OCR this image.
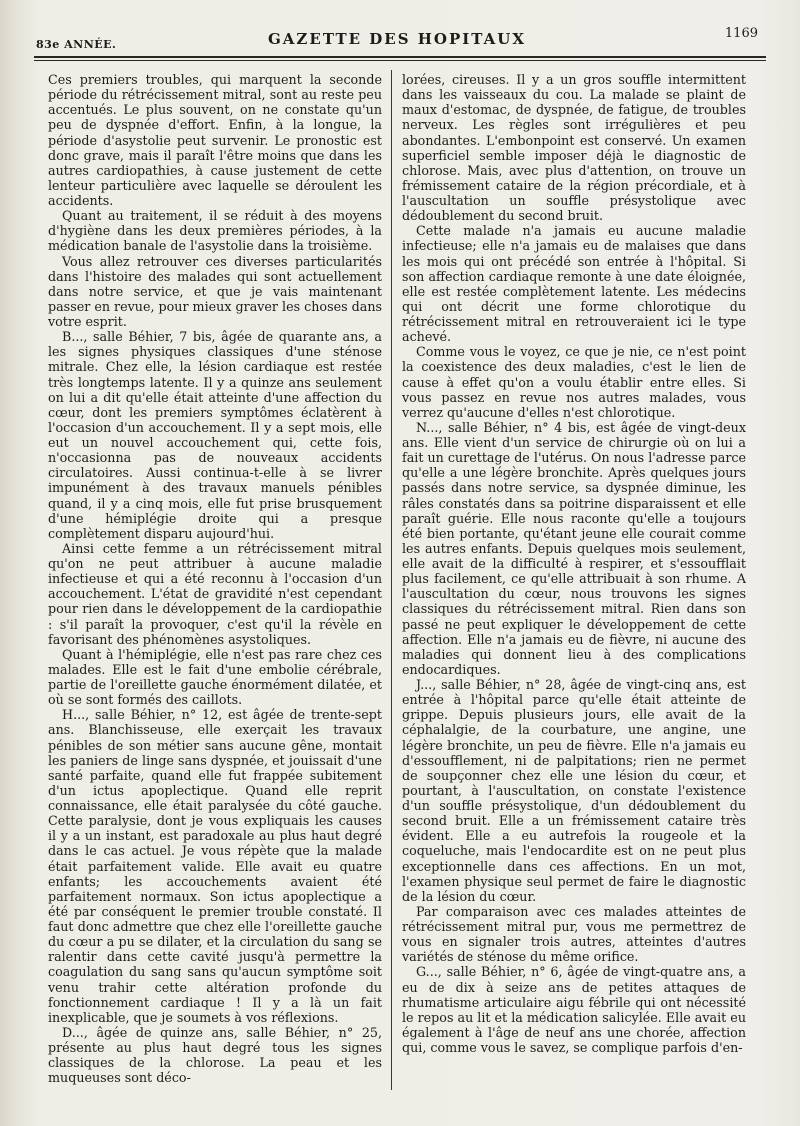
83e ANNÉE.	GAZETTE DES HOPITAUX	1169

Ces premiers troubles, qui marquent la seconde période du rétrécissement mitral, sont au reste peu accentués. Le plus souvent, on ne constate qu'un peu de dyspnée d'effort. Enfin, à la longue, la période d'asystolie peut survenir. Le pronostic est donc grave, mais il paraît l'être moins que dans les autres cardiopathies, à cause justement de cette lenteur particulière avec laquelle se déroulent les accidents.

Quant au traitement, il se réduit à des moyens d'hygiène dans les deux premières périodes, à la médication banale de l'asystolie dans la troisième.

Vous allez retrouver ces diverses particularités dans l'histoire des malades qui sont actuellement dans notre service, et que je vais maintenant passer en revue, pour mieux graver les choses dans votre esprit.

B..., salle Béhier, 7 bis, âgée de quarante ans, a les signes physiques classiques d'une sténose mitrale. Chez elle, la lésion cardiaque est restée très longtemps latente. Il y a quinze ans seulement on lui a dit qu'elle était atteinte d'une affection du cœur, dont les premiers symptômes éclatèrent à l'occasion d'un accouchement. Il y a sept mois, elle eut un nouvel accouchement qui, cette fois, n'occasionna pas de nouveaux accidents circulatoires. Aussi continua-t-elle à se livrer impunément à des travaux manuels pénibles quand, il y a cinq mois, elle fut prise brusquement d'une hémiplégie droite qui a presque complètement disparu aujourd'hui.

Ainsi cette femme a un rétrécissement mitral qu'on ne peut attribuer à aucune maladie infectieuse et qui a été reconnu à l'occasion d'un accouchement. L'état de gravidité n'est cependant pour rien dans le développement de la cardiopathie : s'il paraît la provoquer, c'est qu'il la révèle en favorisant des phénomènes asystoliques.

Quant à l'hémiplégie, elle n'est pas rare chez ces malades. Elle est le fait d'une embolie cérébrale, partie de l'oreillette gauche énormément dilatée, et où se sont formés des caillots.

H..., salle Béhier, n° 12, est âgée de trente-sept ans. Blanchisseuse, elle exerçait les travaux pénibles de son métier sans aucune gêne, montait les paniers de linge sans dyspnée, et jouissait d'une santé parfaite, quand elle fut frappée subitement d'un ictus apoplectique. Quand elle reprit connaissance, elle était paralysée du côté gauche. Cette paralysie, dont je vous expliquais les causes il y a un instant, est paradoxale au plus haut degré dans le cas actuel. Je vous répète que la malade était parfaitement valide. Elle avait eu quatre enfants; les accouchements avaient été parfaitement normaux. Son ictus apoplectique a été par conséquent le premier trouble constaté. Il faut donc admettre que chez elle l'oreillette gauche du cœur a pu se dilater, et la circulation du sang se ralentir dans cette cavité jusqu'à permettre la coagulation du sang sans qu'aucun symptôme soit venu trahir cette altération profonde du fonctionnement cardiaque ! Il y a là un fait inexplicable, que je soumets à vos réflexions.

D..., âgée de quinze ans, salle Béhier, n° 25, présente au plus haut degré tous les signes classiques de la chlorose. La peau et les muqueuses sont déco-

lorées, cireuses. Il y a un gros souffle intermittent dans les vaisseaux du cou. La malade se plaint de maux d'estomac, de dyspnée, de fatigue, de troubles nerveux. Les règles sont irrégulières et peu abondantes. L'embonpoint est conservé. Un examen superficiel semble imposer déjà le diagnostic de chlorose. Mais, avec plus d'attention, on trouve un frémissement cataire de la région précordiale, et à l'auscultation un souffle présystolique avec dédoublement du second bruit.

Cette malade n'a jamais eu aucune maladie infectieuse; elle n'a jamais eu de malaises que dans les mois qui ont précédé son entrée à l'hôpital. Si son affection cardiaque remonte à une date éloignée, elle est restée complètement latente. Les médecins qui ont décrit une forme chlorotique du rétrécissement mitral en retrouveraient ici le type achevé.

Comme vous le voyez, ce que je nie, ce n'est point la coexistence des deux maladies, c'est le lien de cause à effet qu'on a voulu établir entre elles. Si vous passez en revue nos autres malades, vous verrez qu'aucune d'elles n'est chlorotique.

N..., salle Béhier, n° 4 bis, est âgée de vingt-deux ans. Elle vient d'un service de chirurgie où on lui a fait un curettage de l'utérus. On nous l'adresse parce qu'elle a une légère bronchite. Après quelques jours passés dans notre service, sa dyspnée diminue, les râles constatés dans sa poitrine disparaissent et elle paraît guérie. Elle nous raconte qu'elle a toujours été bien portante, qu'étant jeune elle courait comme les autres enfants. Depuis quelques mois seulement, elle avait de la difficulté à respirer, et s'essoufflait plus facilement, ce qu'elle attribuait à son rhume. A l'auscultation du cœur, nous trouvons les signes classiques du rétrécissement mitral. Rien dans son passé ne peut expliquer le développement de cette affection. Elle n'a jamais eu de fièvre, ni aucune des maladies qui donnent lieu à des complications endocardiques.

J..., salle Béhier, n° 28, âgée de vingt-cinq ans, est entrée à l'hôpital parce qu'elle était atteinte de grippe. Depuis plusieurs jours, elle avait de la céphalalgie, de la courbature, une angine, une légère bronchite, un peu de fièvre. Elle n'a jamais eu d'essoufflement, ni de palpitations; rien ne permet de soupçonner chez elle une lésion du cœur, et pourtant, à l'auscultation, on constate l'existence d'un souffle présystolique, d'un dédoublement du second bruit. Elle a un frémissement cataire très évident. Elle a eu autrefois la rougeole et la coqueluche, mais l'endocardite est on ne peut plus exceptionnelle dans ces affections. En un mot, l'examen physique seul permet de faire le diagnostic de la lésion du cœur.

Par comparaison avec ces malades atteintes de rétrécissement mitral pur, vous me permettrez de vous en signaler trois autres, atteintes d'autres variétés de sténose du même orifice.

G..., salle Béhier, n° 6, âgée de vingt-quatre ans, a eu de dix à seize ans de petites attaques de rhumatisme articulaire aigu fébrile qui ont nécessité le repos au lit et la médication salicylée. Elle avait eu également à l'âge de neuf ans une chorée, affection qui, comme vous le savez, se complique parfois d'en-
